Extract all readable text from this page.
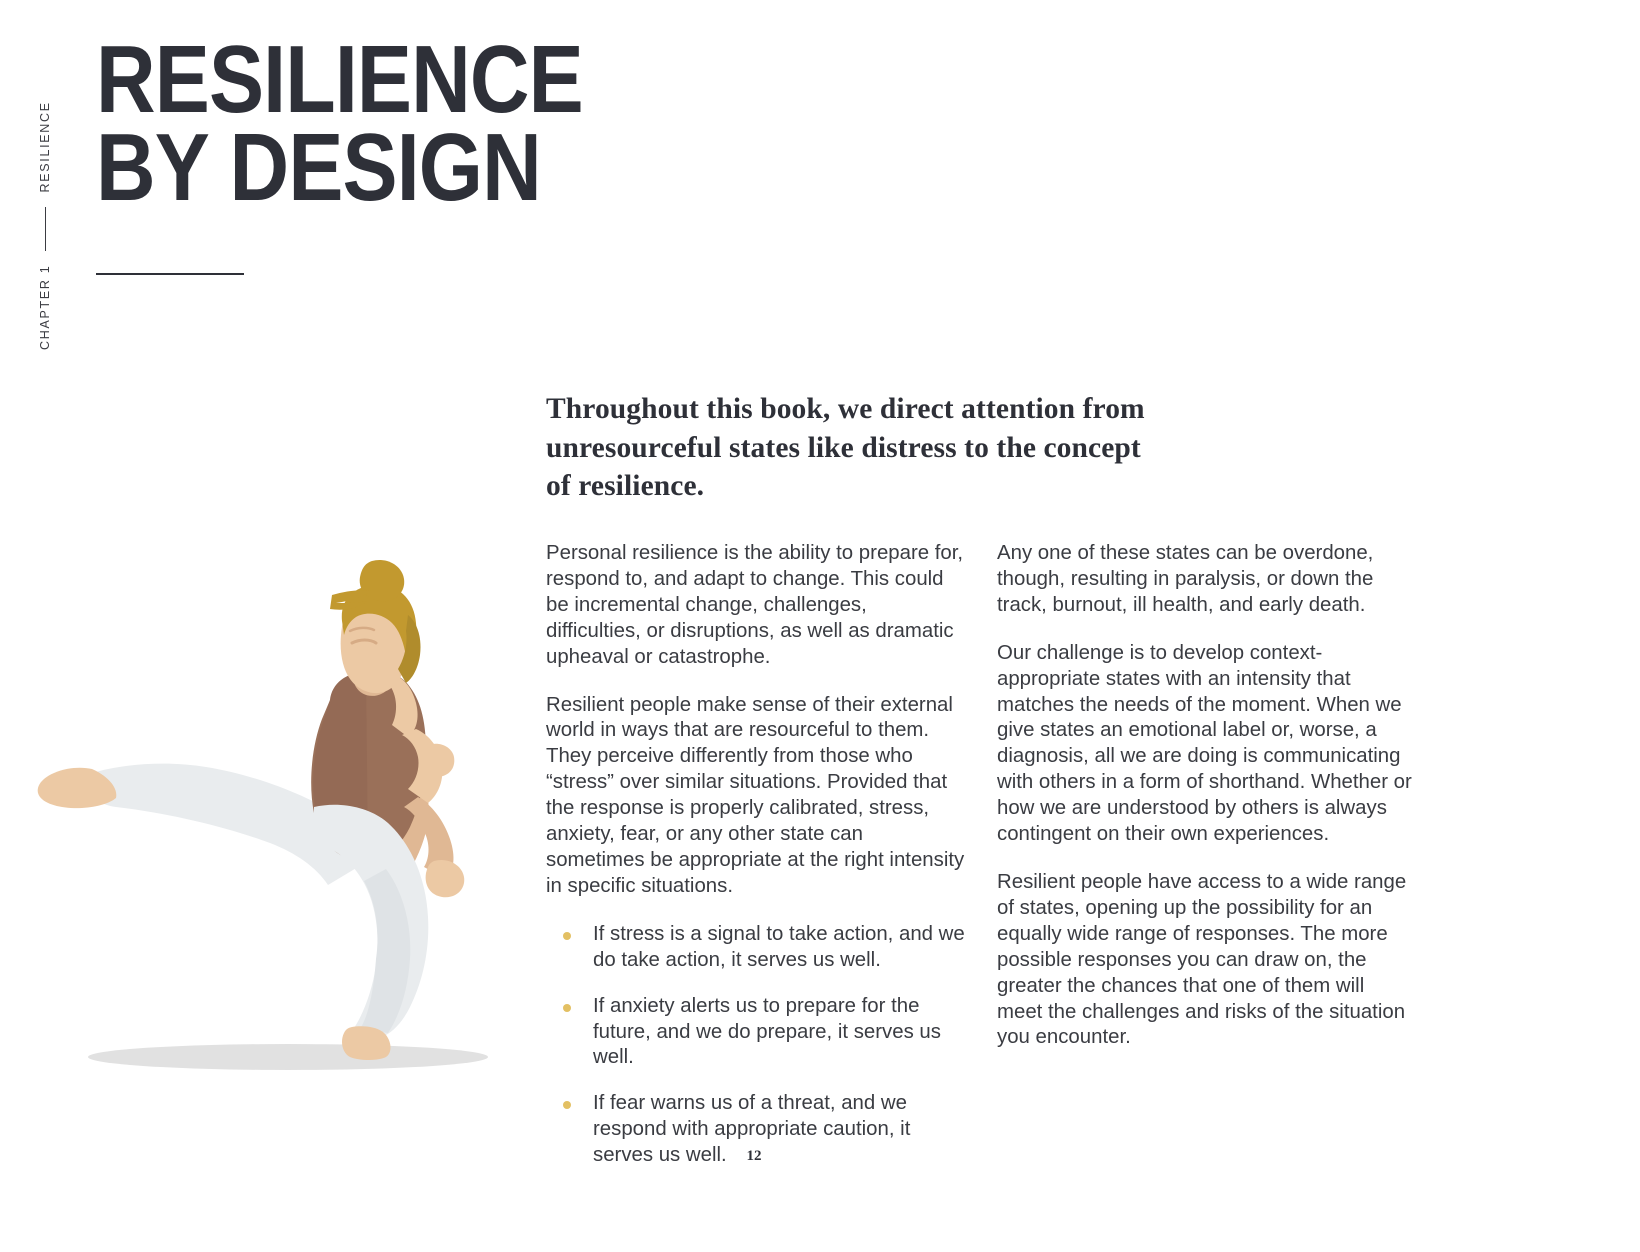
CHAPTER 1
RESILIENCE
RESILIENCE
BY DESIGN
Throughout this book, we direct attention from unresourceful states like distress to the concept of resilience.

Personal resilience is the ability to prepare for, respond to, and adapt to change. This could be incremental change, challenges, difficulties, or disruptions, as well as dramatic upheaval or catastrophe.

Resilient people make sense of their external world in ways that are resourceful to them. They perceive differently from those who “stress” over similar situations. Provided that the response is properly calibrated, stress, anxiety, fear, or any other state can sometimes be appropriate at the right intensity in specific situations.

If stress is a signal to take action, and we do take action, it serves us well.
If anxiety alerts us to prepare for the future, and we do prepare, it serves us well.
If fear warns us of a threat, and we respond with appropriate caution, it serves us well.

Any one of these states can be overdone, though, resulting in paralysis, or down the track, burnout, ill health, and early death.

Our challenge is to develop context-appropriate states with an intensity that matches the needs of the moment. When we give states an emotional label or, worse, a diagnosis, all we are doing is communicating with others in a form of shorthand. Whether or how we are understood by others is always contingent on their own experiences.

Resilient people have access to a wide range of states, opening up the possibility for an equally wide range of responses. The more possible responses you can draw on, the greater the chances that one of them will meet the challenges and risks of the situation you encounter.

12
